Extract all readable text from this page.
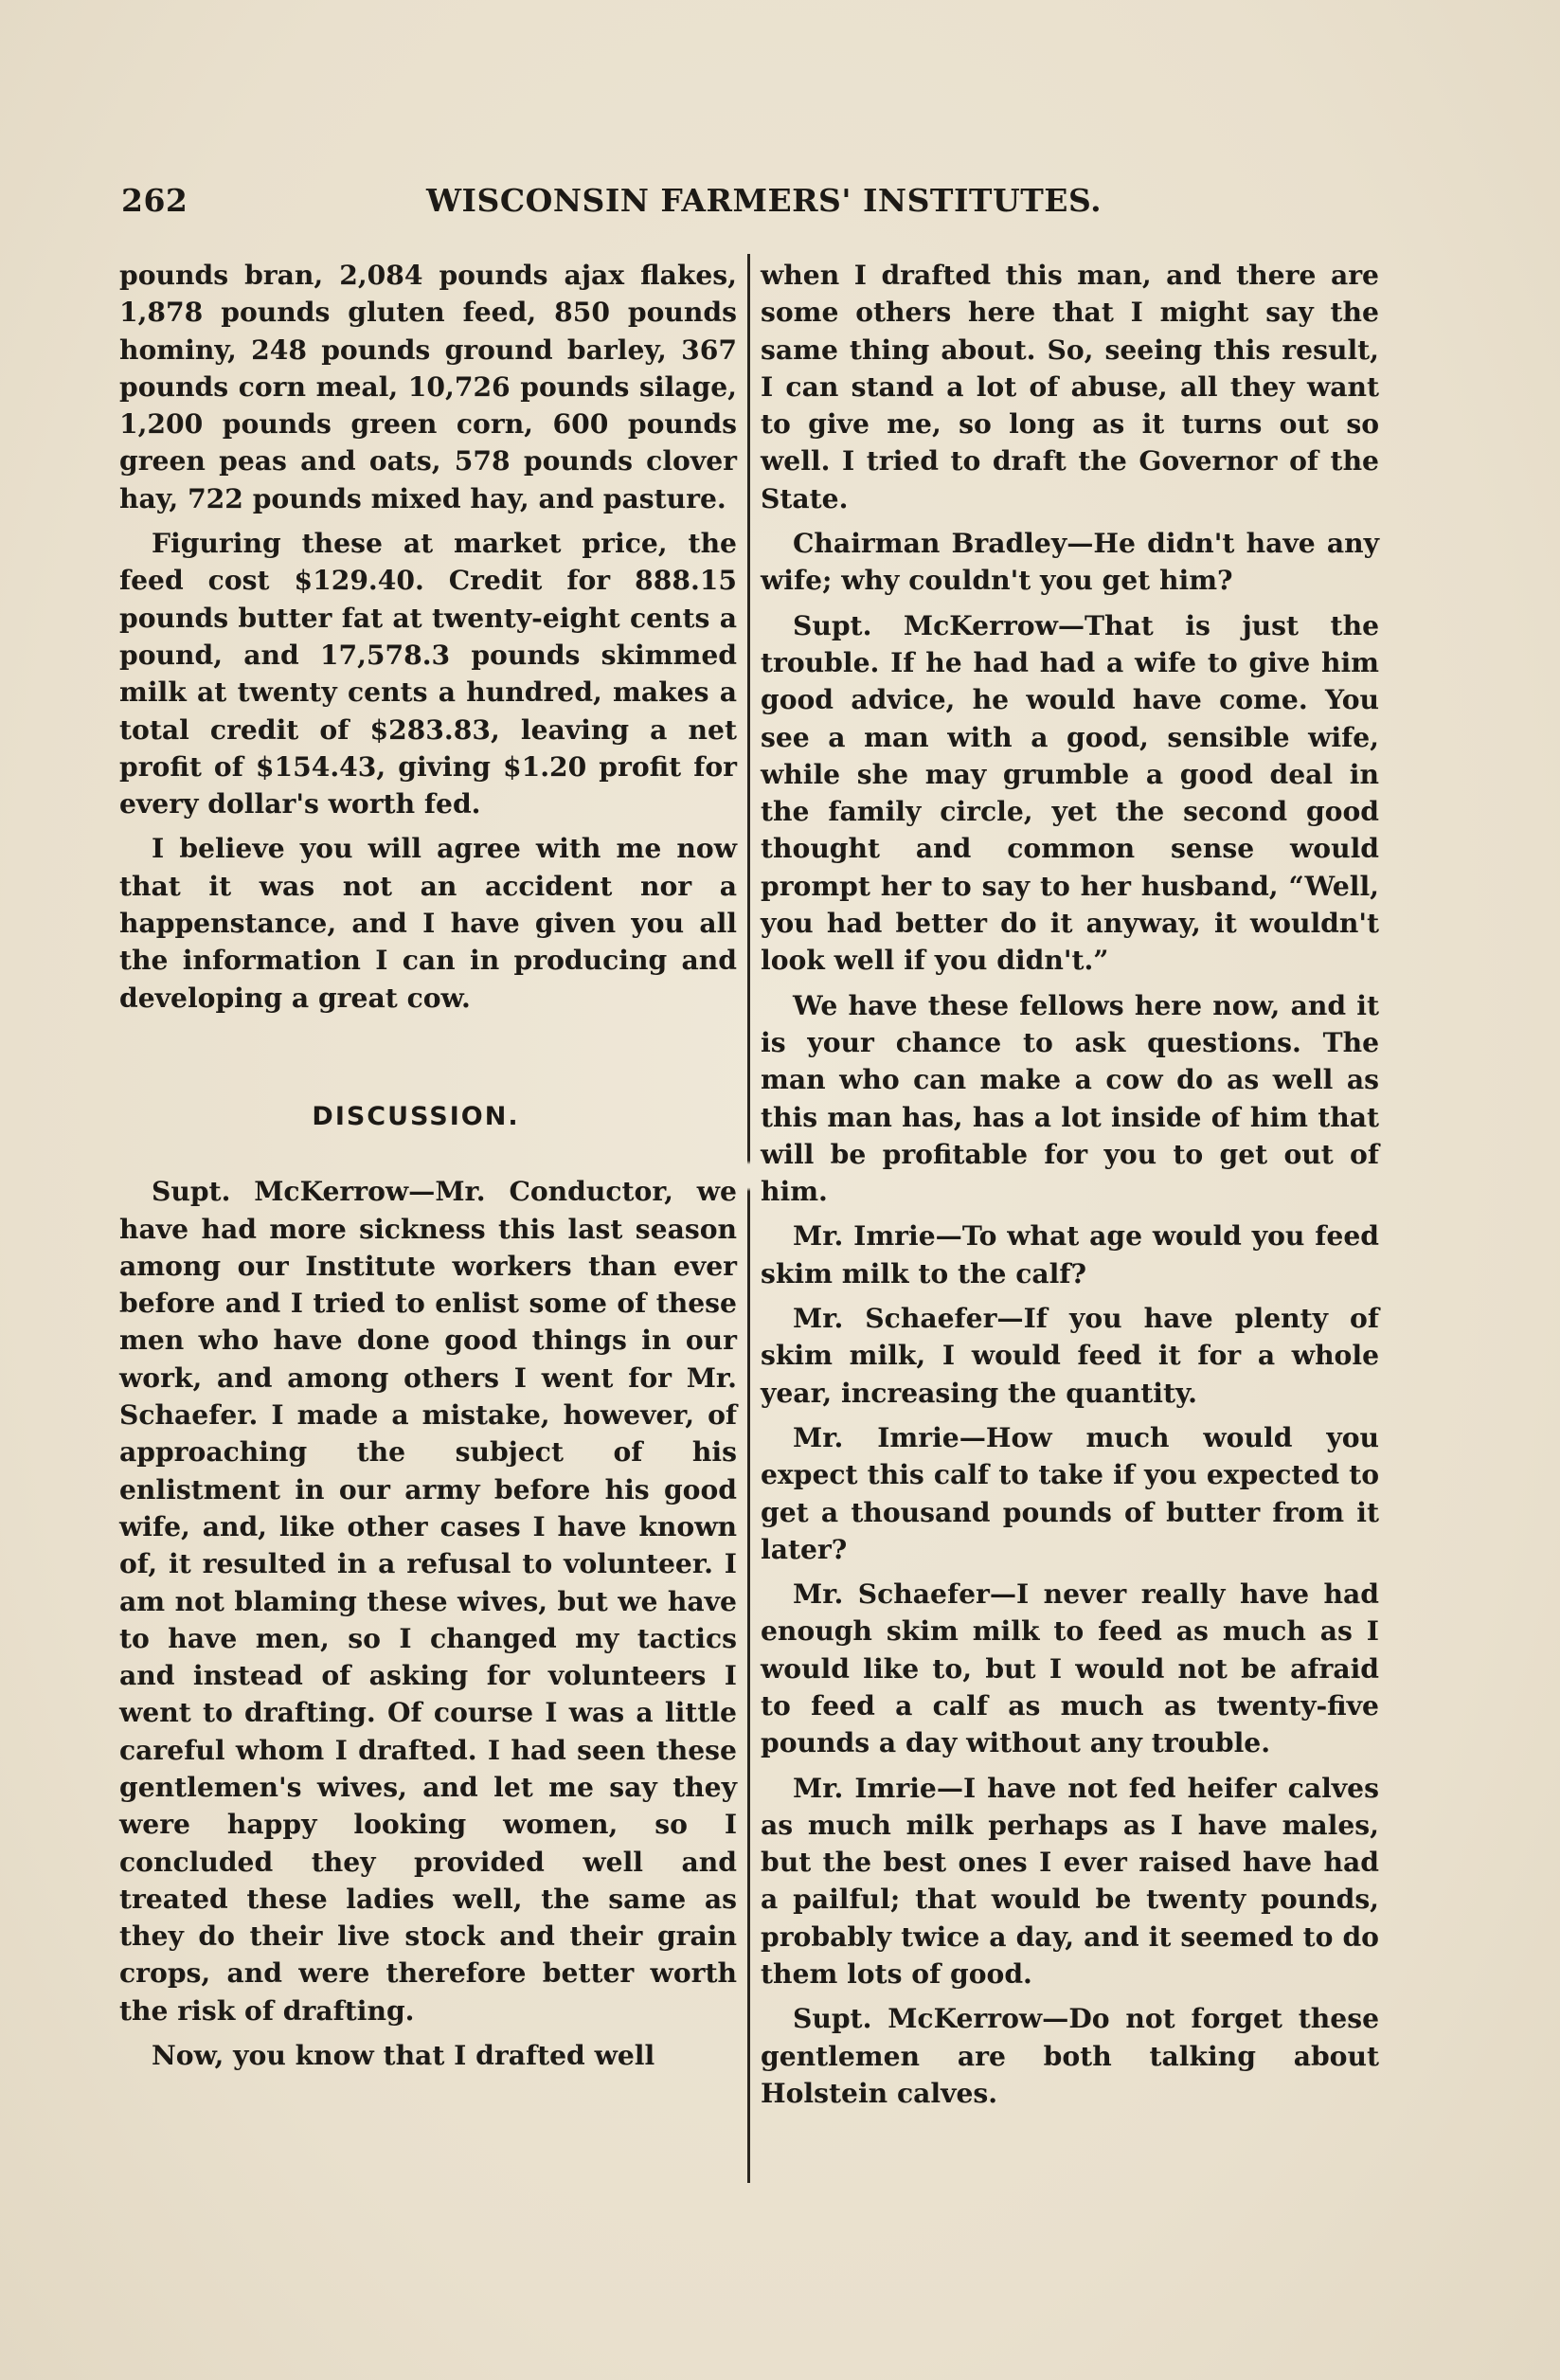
262	WISCONSIN FARMERS' INSTITUTES.

pounds bran, 2,084 pounds ajax flakes, 1,878 pounds gluten feed, 850 pounds hominy, 248 pounds ground barley, 367 pounds corn meal, 10,726 pounds silage, 1,200 pounds green corn, 600 pounds green peas and oats, 578 pounds clover hay, 722 pounds mixed hay, and pasture.

Figuring these at market price, the feed cost $129.40. Credit for 888.15 pounds butter fat at twenty-eight cents a pound, and 17,578.3 pounds skimmed milk at twenty cents a hundred, makes a total credit of $283.83, leaving a net profit of $154.43, giving $1.20 profit for every dollar's worth fed.

I believe you will agree with me now that it was not an accident nor a happenstance, and I have given you all the information I can in producing and developing a great cow.

DISCUSSION.

Supt. McKerrow—Mr. Conductor, we have had more sickness this last season among our Institute workers than ever before and I tried to enlist some of these men who have done good things in our work, and among others I went for Mr. Schaefer. I made a mistake, however, of approaching the subject of his enlistment in our army before his good wife, and, like other cases I have known of, it resulted in a refusal to volunteer. I am not blaming these wives, but we have to have men, so I changed my tactics and instead of asking for volunteers I went to drafting. Of course I was a little careful whom I drafted. I had seen these gentlemen's wives, and let me say they were happy looking women, so I concluded they provided well and treated these ladies well, the same as they do their live stock and their grain crops, and were therefore better worth the risk of drafting.

Now, you know that I drafted well

when I drafted this man, and there are some others here that I might say the same thing about. So, seeing this result, I can stand a lot of abuse, all they want to give me, so long as it turns out so well. I tried to draft the Governor of the State.

Chairman Bradley—He didn't have any wife; why couldn't you get him?

Supt. McKerrow—That is just the trouble. If he had had a wife to give him good advice, he would have come. You see a man with a good, sensible wife, while she may grumble a good deal in the family circle, yet the second good thought and common sense would prompt her to say to her husband, “Well, you had better do it anyway, it wouldn't look well if you didn't.”

We have these fellows here now, and it is your chance to ask questions. The man who can make a cow do as well as this man has, has a lot inside of him that will be profitable for you to get out of him.

Mr. Imrie—To what age would you feed skim milk to the calf?

Mr. Schaefer—If you have plenty of skim milk, I would feed it for a whole year, increasing the quantity.

Mr. Imrie—How much would you expect this calf to take if you expected to get a thousand pounds of butter from it later?

Mr. Schaefer—I never really have had enough skim milk to feed as much as I would like to, but I would not be afraid to feed a calf as much as twenty-five pounds a day without any trouble.

Mr. Imrie—I have not fed heifer calves as much milk perhaps as I have males, but the best ones I ever raised have had a pailful; that would be twenty pounds, probably twice a day, and it seemed to do them lots of good.

Supt. McKerrow—Do not forget these gentlemen are both talking about Holstein calves.
